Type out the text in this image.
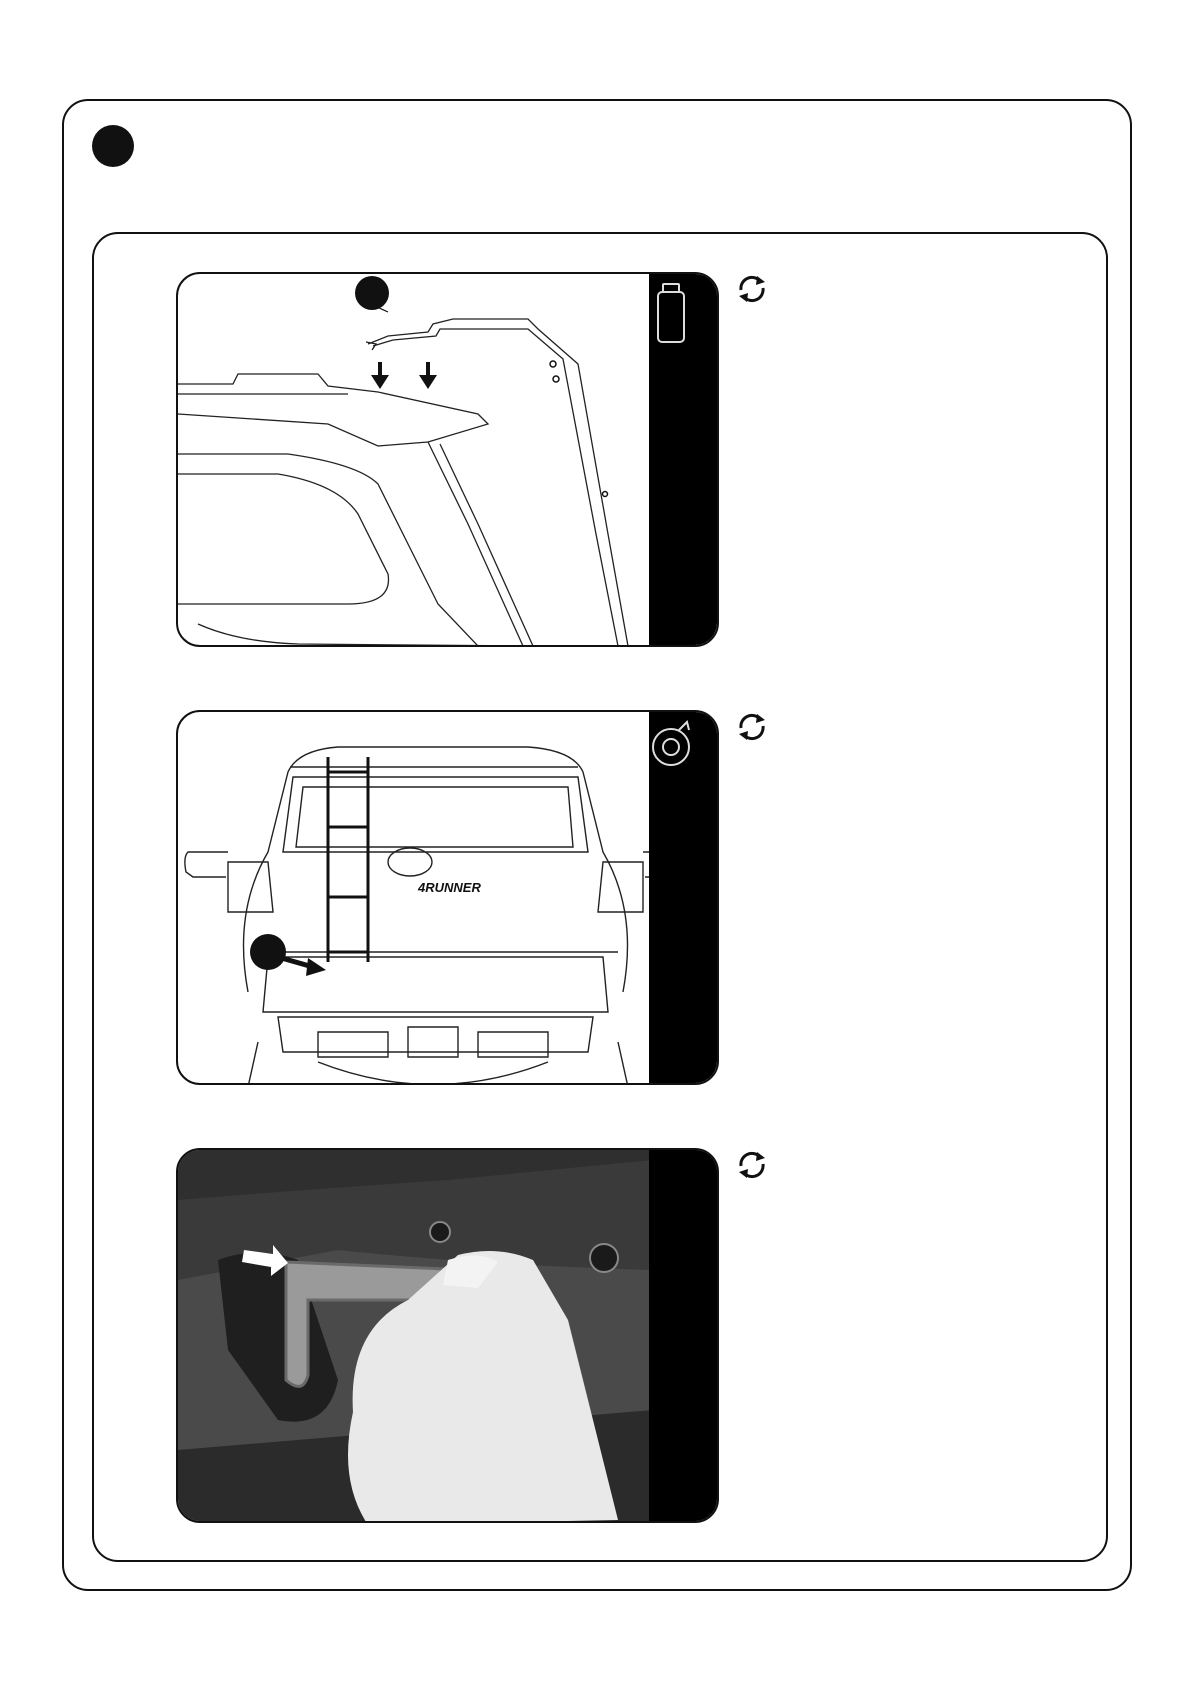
4RUNNER
